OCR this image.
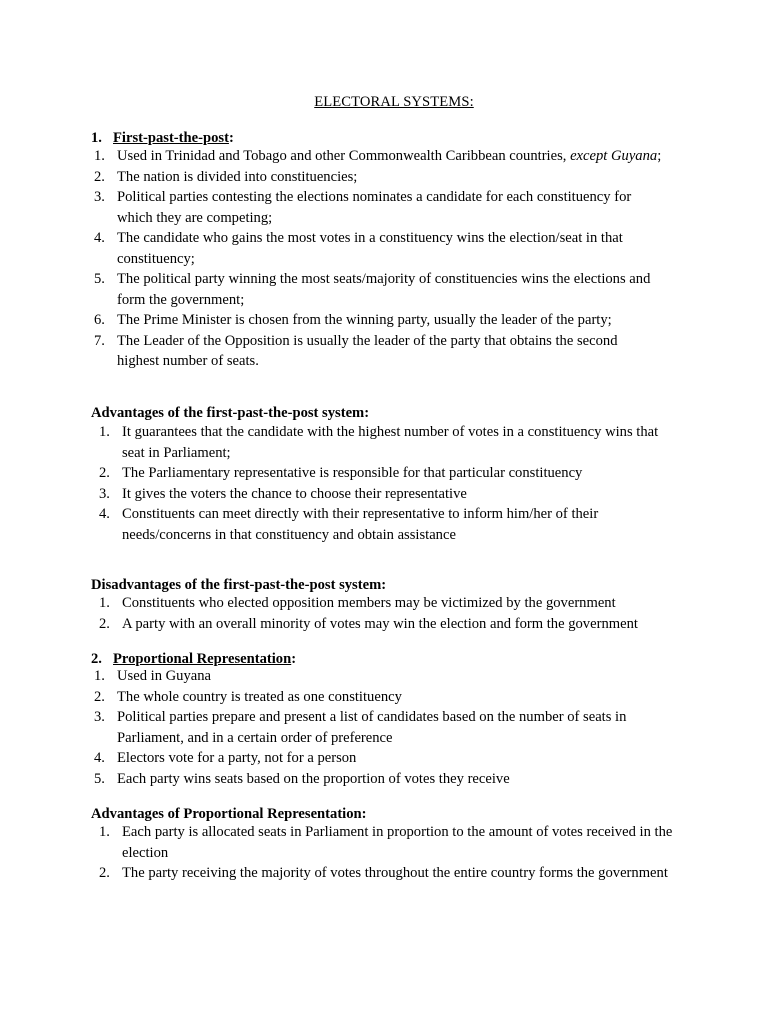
ELECTORAL SYSTEMS:
1. First-past-the-post:
1. Used in Trinidad and Tobago and other Commonwealth Caribbean countries, except Guyana;
2. The nation is divided into constituencies;
3. Political parties contesting the elections nominates a candidate for each constituency for which they are competing;
4. The candidate who gains the most votes in a constituency wins the election/seat in that constituency;
5. The political party winning the most seats/majority of constituencies wins the elections and form the government;
6. The Prime Minister is chosen from the winning party, usually the leader of the party;
7. The Leader of the Opposition is usually the leader of the party that obtains the second highest number of seats.
Advantages of the first-past-the-post system:
1. It guarantees that the candidate with the highest number of votes in a constituency wins that seat in Parliament;
2. The Parliamentary representative is responsible for that particular constituency
3. It gives the voters the chance to choose their representative
4. Constituents can meet directly with their representative to inform him/her of their needs/concerns in that constituency and obtain assistance
Disadvantages of the first-past-the-post system:
1. Constituents who elected opposition members may be victimized by the government
2. A party with an overall minority of votes may win the election and form the government
2. Proportional Representation:
1. Used in Guyana
2. The whole country is treated as one constituency
3. Political parties prepare and present a list of candidates based on the number of seats in Parliament, and in a certain order of preference
4. Electors vote for a party, not for a person
5. Each party wins seats based on the proportion of votes they receive
Advantages of Proportional Representation:
1. Each party is allocated seats in Parliament in proportion to the amount of votes received in the election
2. The party receiving the majority of votes throughout the entire country forms the government
